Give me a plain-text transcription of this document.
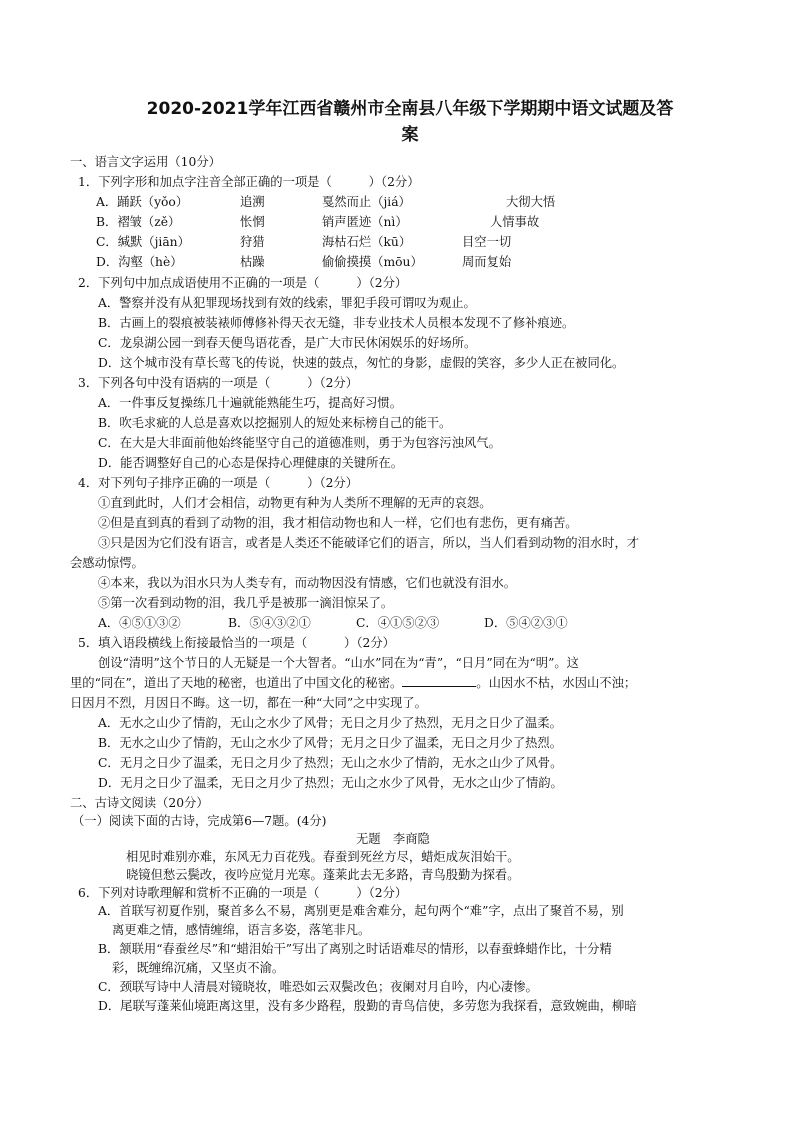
2020-2021学年江西省赣州市全南县八年级下学期期中语文试题及答
案
一、语言文字运用（10分）
1．下列字形和加点字注音全部正确的一项是（　　　）（2分）
A．踊跃（yǒo）	追溯	戛然而止（jiá）	大彻大悟
B．褶皱（zě）	怅惘	销声匿迹（nì）	人情事故
C．缄默（jiān）	狩猎	海枯石烂（kū）	目空一切
D．沟壑（hè）	枯躁	偷偷摸摸（mōu）	周而复始
2．下列句中加点成语使用不正确的一项是（　　　）（2分）
A．警察并没有从犯罪现场找到有效的线索，罪犯手段可谓叹为观止。
B．古画上的裂痕被装裱师傅修补得天衣无缝，非专业技术人员根本发现不了修补痕迹。
C．龙泉湖公园一到春天便鸟语花香，是广大市民休闲娱乐的好场所。
D．这个城市没有草长莺飞的传说，快速的鼓点，匆忙的身影，虚假的笑容，多少人正在被同化。
3．下列各句中没有语病的一项是（　　　）（2分）
A．一件事反复操练几十遍就能熟能生巧，提高好习惯。
B．吹毛求疵的人总是喜欢以挖掘别人的短处来标榜自己的能干。
C．在大是大非面前他始终能坚守自己的道德准则，勇于为包容污浊风气。
D．能否调整好自己的心态是保持心理健康的关键所在。
4．对下列句子排序正确的一项是（　　　）（2分）
①直到此时，人们才会相信，动物更有种为人类所不理解的无声的哀怨。
②但是直到真的看到了动物的泪，我才相信动物也和人一样，它们也有悲伤，更有痛苦。
③只是因为它们没有语言，或者是人类还不能破译它们的语言，所以，当人们看到动物的泪水时，才
会感动惊愕。
④本来，我以为泪水只为人类专有，而动物因没有情感，它们也就没有泪水。
⑤第一次看到动物的泪，我几乎是被那一滴泪惊呆了。
A．④⑤①③②	B．⑤④③②①	C．④①⑤②③	D．⑤④②③①
5．填入语段横线上衔接最恰当的一项是（　　　）（2分）
创设“清明”这个节日的人无疑是一个大智者。“山水”同在为“青”，“日月”同在为“明”。这
里的“同在”，道出了天地的秘密，也道出了中国文化的秘密。	。山因水不枯，水因山不浊；
日因月不烈，月因日不晦。这一切，都在一种“大同”之中实现了。
A．无水之山少了情韵，无山之水少了风骨；无日之月少了热烈，无月之日少了温柔。
B．无水之山少了情韵，无山之水少了风骨；无月之日少了温柔，无日之月少了热烈。
C．无月之日少了温柔，无日之月少了热烈；无山之水少了情韵，无水之山少了风骨。
D．无月之日少了温柔，无日之月少了热烈；无山之水少了风骨，无水之山少了情韵。
二、古诗文阅读（20分）
（一）阅读下面的古诗，完成第6—7题。(4分)
无题　李商隐
相见时难别亦难，东风无力百花残。春蚕到死丝方尽，蜡炬成灰泪始干。
晓镜但愁云鬓改，夜吟应觉月光寒。蓬莱此去无多路，青鸟殷勤为探看。
6．下列对诗歌理解和赏析不正确的一项是（　　　）（2分）
A．首联写初夏作别，聚首多么不易，离别更是难舍难分，起句两个“难”字，点出了聚首不易，别
离更难之情，感情缠绵，语言多姿，落笔非凡。
B．颔联用“春蚕丝尽”和“蜡泪始干”写出了离别之时话语难尽的情形，以春蚕蜂蜡作比，十分精
彩，既缠绵沉痛，又坚贞不渝。
C．颈联写诗中人清晨对镜晓妆，唯恐如云双鬓改色；夜阑对月自吟，内心凄惨。
D．尾联写蓬莱仙境距离这里，没有多少路程，殷勤的青鸟信使，多劳您为我探看，意致婉曲，柳暗
